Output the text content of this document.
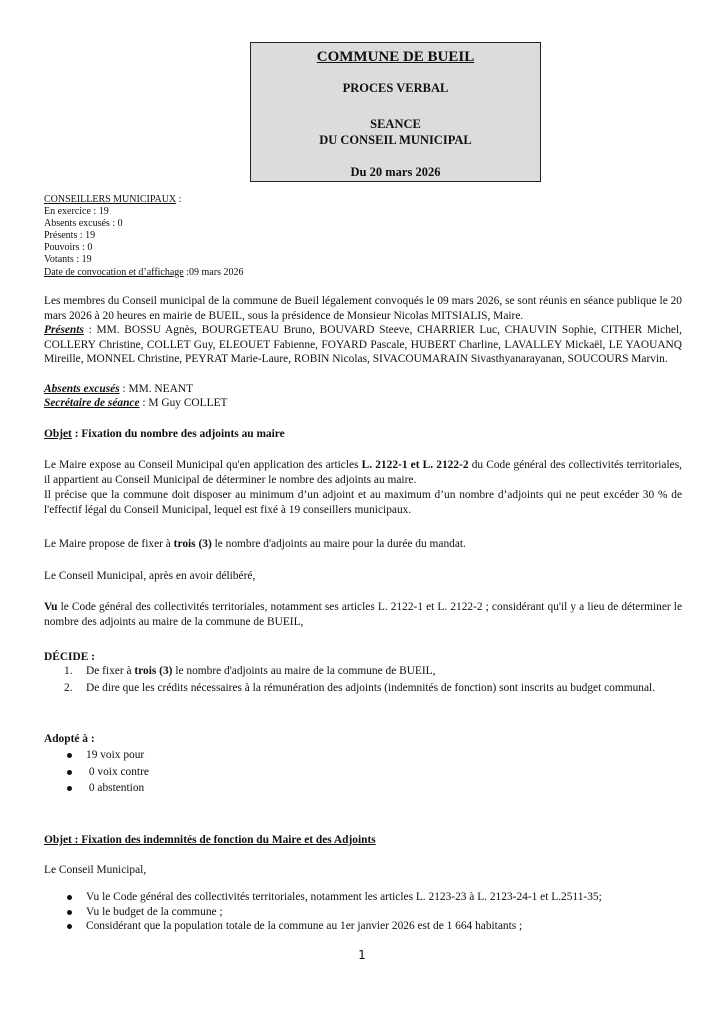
COMMUNE DE BUEIL
PROCES VERBAL
SEANCE
DU CONSEIL MUNICIPAL
Du 20 mars 2026
CONSEILLERS MUNICIPAUX :
En exercice : 19
Absents excusés : 0
Présents : 19
Pouvoirs : 0
Votants : 19
Date de convocation et d’affichage :09 mars 2026
Les membres du Conseil municipal de la commune de Bueil légalement convoqués le 09 mars 2026, se sont réunis en séance publique le 20 mars 2026 à 20 heures en mairie de BUEIL, sous la présidence de Monsieur Nicolas MITSIALIS, Maire.
Présents : MM. BOSSU Agnès, BOURGETEAU Bruno, BOUVARD Steeve, CHARRIER Luc, CHAUVIN Sophie, CITHER Michel, COLLERY Christine, COLLET Guy, ELEOUET Fabienne, FOYARD Pascale, HUBERT Charline, LAVALLEY Mickaël, LE YAOUANQ Mireille, MONNEL Christine, PEYRAT Marie-Laure, ROBIN Nicolas, SIVACOUMARAIN Sivasthyanarayanan, SOUCOURS Marvin.
Absents excusés : MM. NEANT
Secrétaire de séance : M Guy COLLET
Objet : Fixation du nombre des adjoints au maire
Le Maire expose au Conseil Municipal qu'en application des articles L. 2122-1 et L. 2122-2 du Code général des collectivités territoriales, il appartient au Conseil Municipal de déterminer le nombre des adjoints au maire.
Il précise que la commune doit disposer au minimum d’un adjoint et au maximum d’un nombre d’adjoints qui ne peut excéder 30 % de l'effectif légal du Conseil Municipal, lequel est fixé à 19 conseillers municipaux.
Le Maire propose de fixer à trois (3) le nombre d'adjoints au maire pour la durée du mandat.
Le Conseil Municipal, après en avoir délibéré,
Vu le Code général des collectivités territoriales, notamment ses articles L. 2122-1 et L. 2122-2 ; considérant qu'il y a lieu de déterminer le nombre des adjoints au maire de la commune de BUEIL,
DÉCIDE :
1. De fixer à trois (3) le nombre d'adjoints au maire de la commune de BUEIL,
2. De dire que les crédits nécessaires à la rémunération des adjoints (indemnités de fonction) sont inscrits au budget communal.
Adopté à :
19 voix pour
0 voix contre
0 abstention
Objet : Fixation des indemnités de fonction du Maire et des Adjoints
Le Conseil Municipal,
Vu le Code général des collectivités territoriales, notamment les articles L. 2123-23 à L. 2123-24-1 et L.2511-35;
Vu le budget de la commune ;
Considérant que la population totale de la commune au 1er janvier 2026 est de 1 664 habitants ;
1
